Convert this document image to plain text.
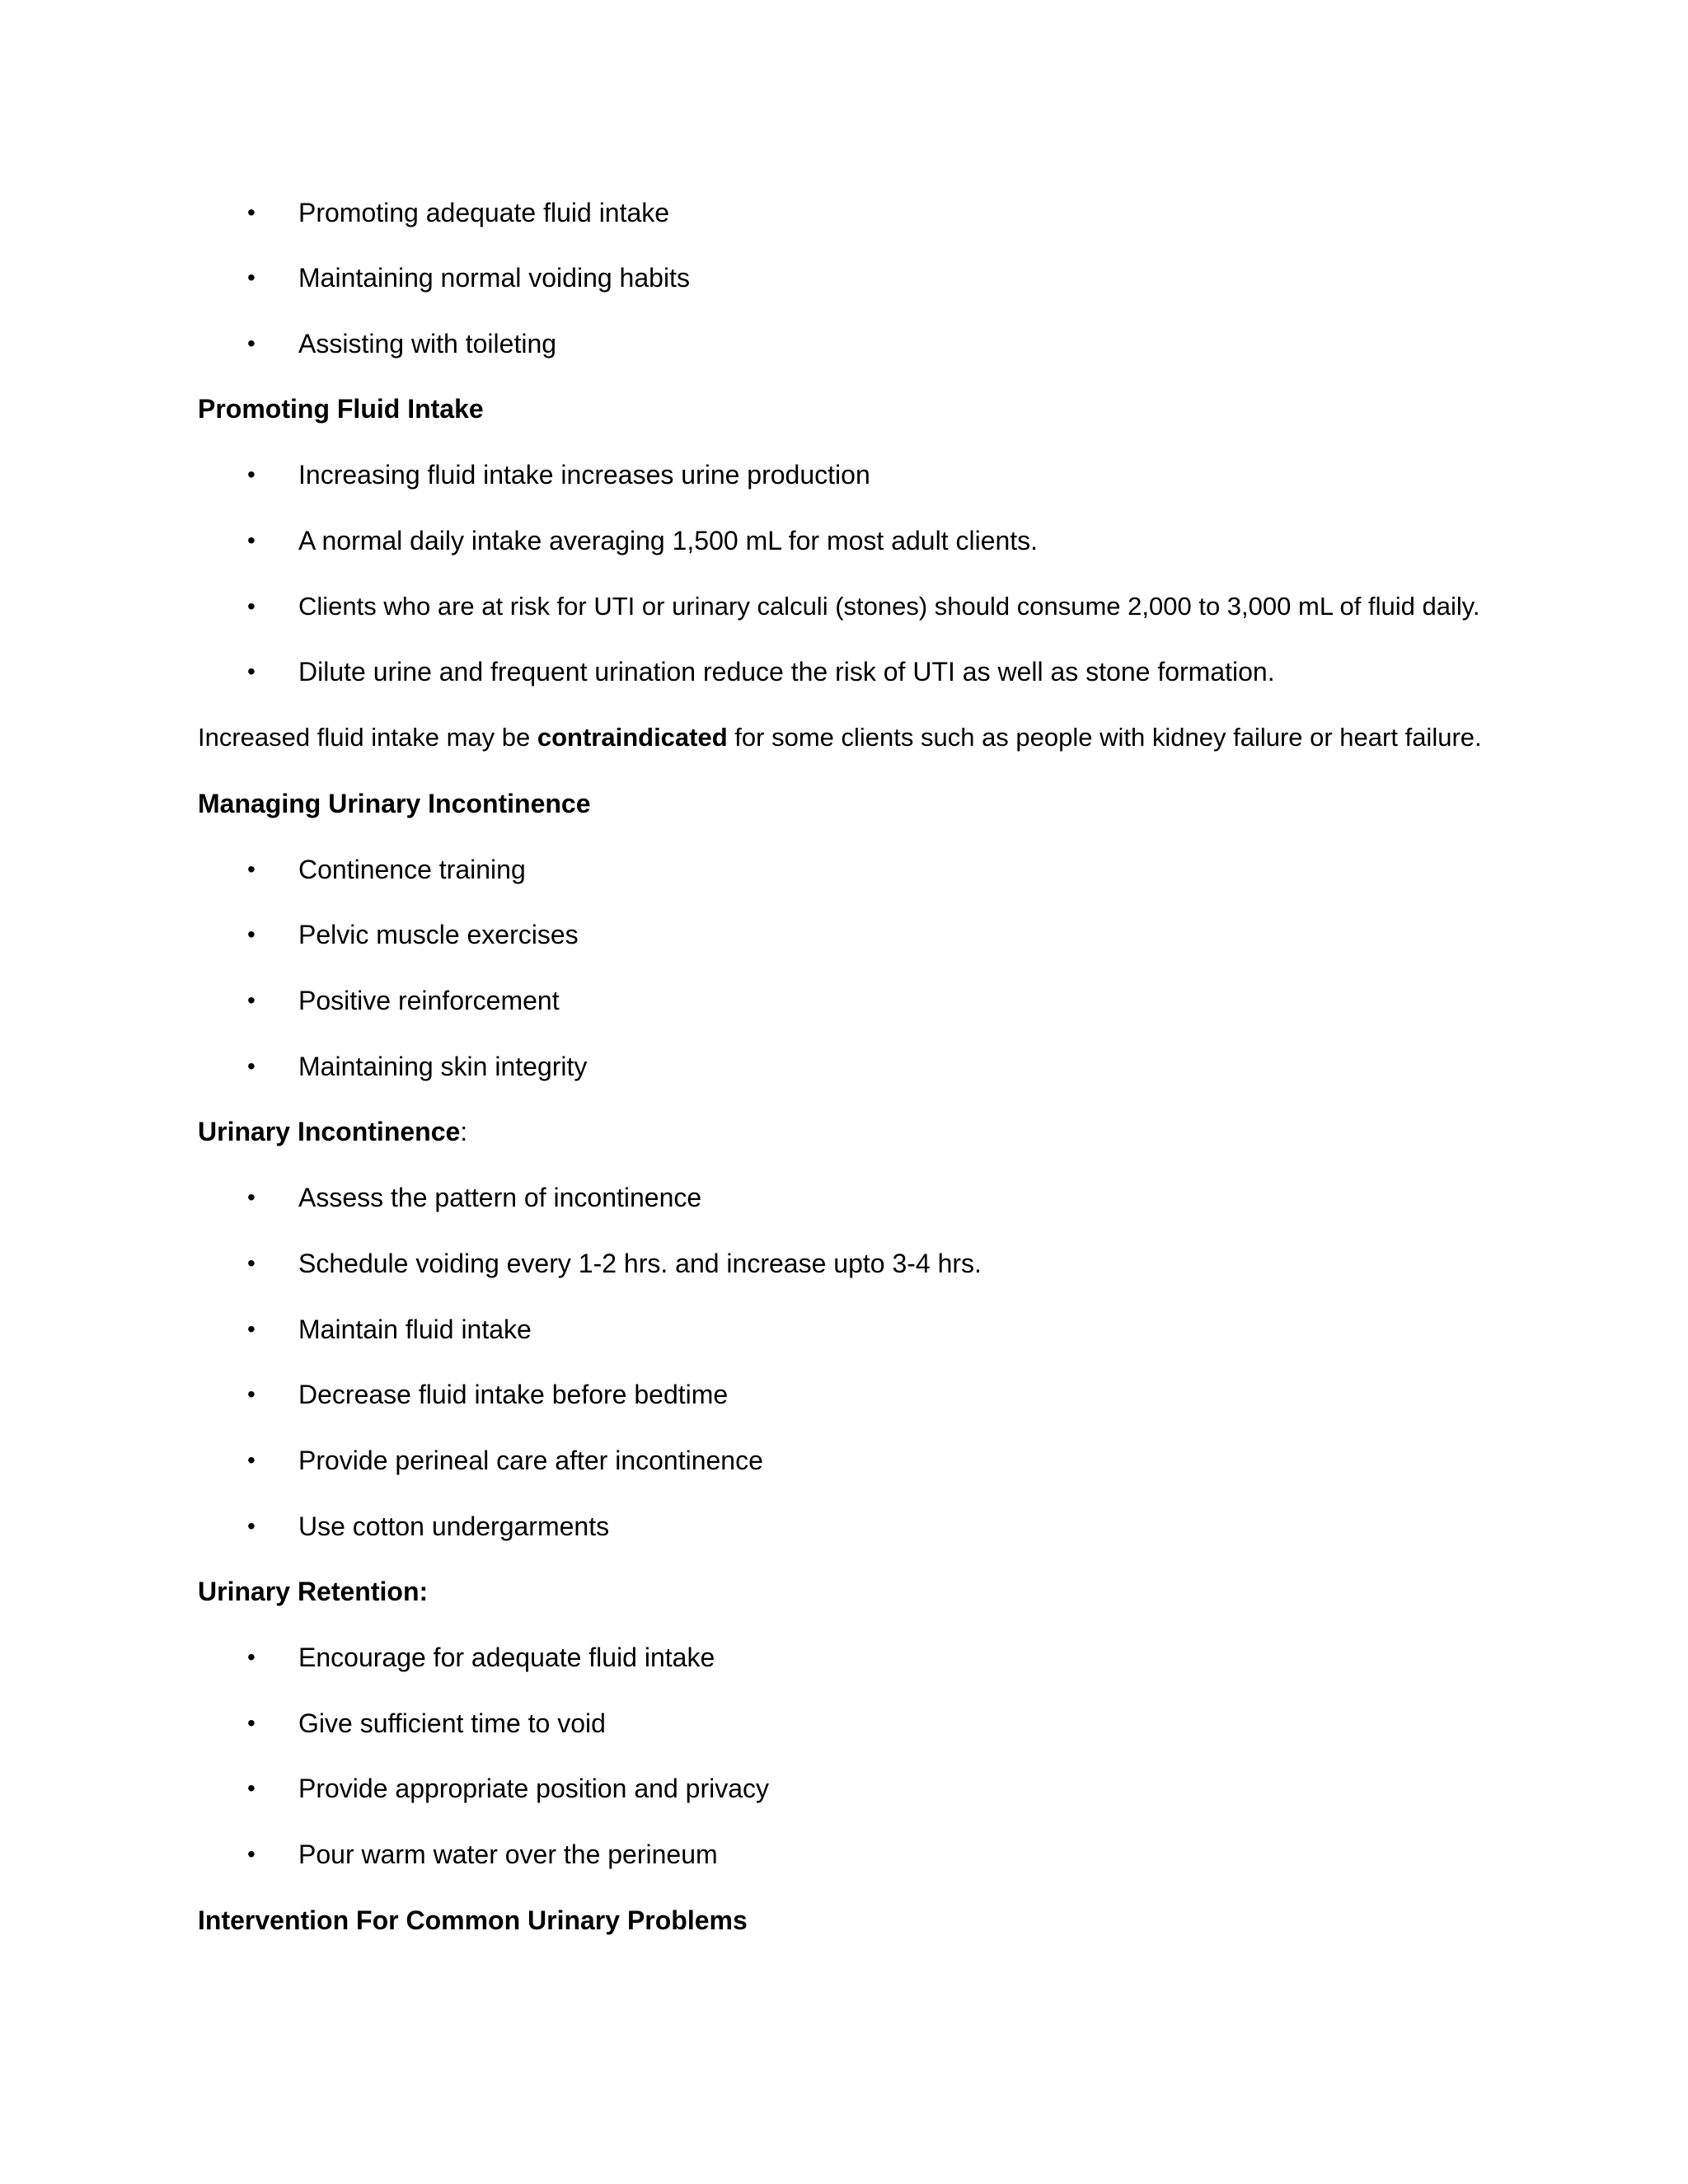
• Promoting adequate fluid intake
• Maintaining normal voiding habits
• Assisting with toileting
Promoting Fluid Intake
• Increasing fluid intake increases urine production
• A normal daily intake averaging 1,500 mL for most adult clients.
• Clients who are at risk for UTI or urinary calculi (stones) should consume 2,000 to 3,000 mL of fluid daily.
• Dilute urine and frequent urination reduce the risk of UTI as well as stone formation.
Increased fluid intake may be contraindicated for some clients such as people with kidney failure or heart failure.
Managing Urinary Incontinence
• Continence training
• Pelvic muscle exercises
• Positive reinforcement
• Maintaining skin integrity
Urinary Incontinence:
• Assess the pattern of incontinence
• Schedule voiding every 1-2 hrs. and increase upto 3-4 hrs.
• Maintain fluid intake
• Decrease fluid intake before bedtime
• Provide perineal care after incontinence
• Use cotton undergarments
Urinary Retention:
• Encourage for adequate fluid intake
• Give sufficient time to void
• Provide appropriate position and privacy
• Pour warm water over the perineum
Intervention For Common Urinary Problems
